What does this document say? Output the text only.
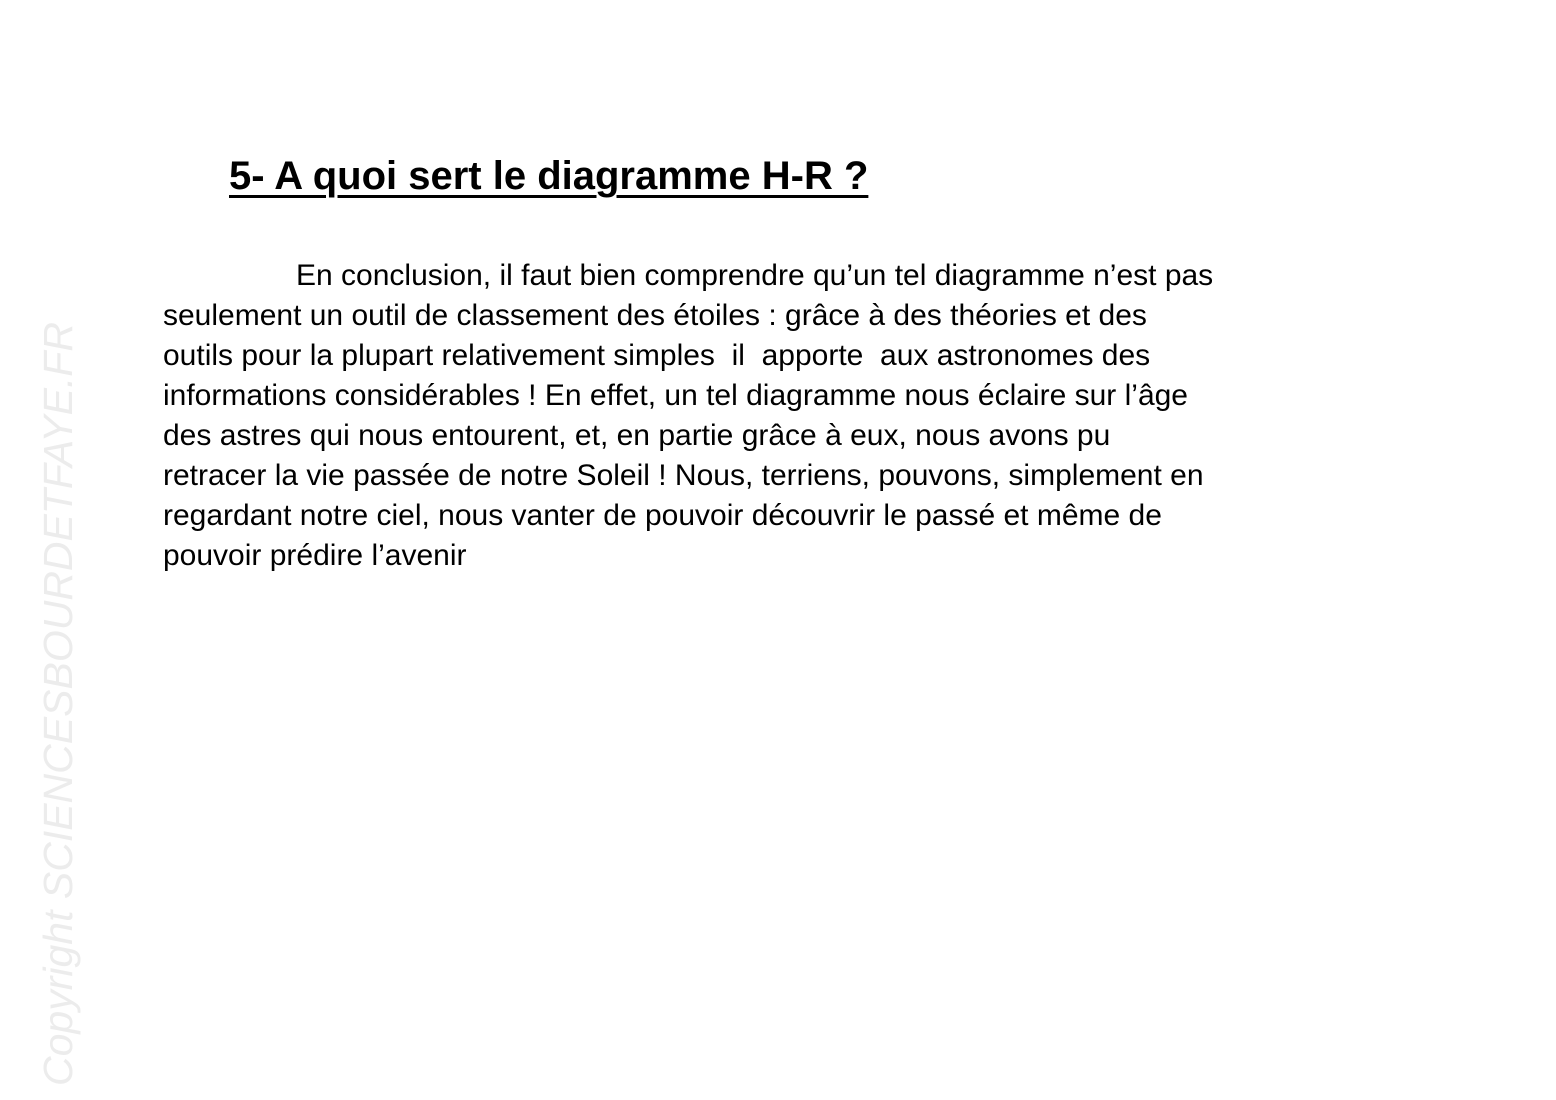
5- A quoi sert le diagramme H-R ?
En conclusion, il faut bien comprendre qu’un tel diagramme n’est pas
seulement un outil de classement des étoiles : grâce à des théories et des
outils pour la plupart relativement simples  il  apporte  aux astronomes des
informations considérables ! En effet, un tel diagramme nous éclaire sur l’âge
des astres qui nous entourent, et, en partie grâce à eux, nous avons pu
retracer la vie passée de notre Soleil ! Nous, terriens, pouvons, simplement en
regardant notre ciel, nous vanter de pouvoir découvrir le passé et même de
pouvoir prédire l’avenir
Copyright SCIENCESBOURDETFAYE.FR
